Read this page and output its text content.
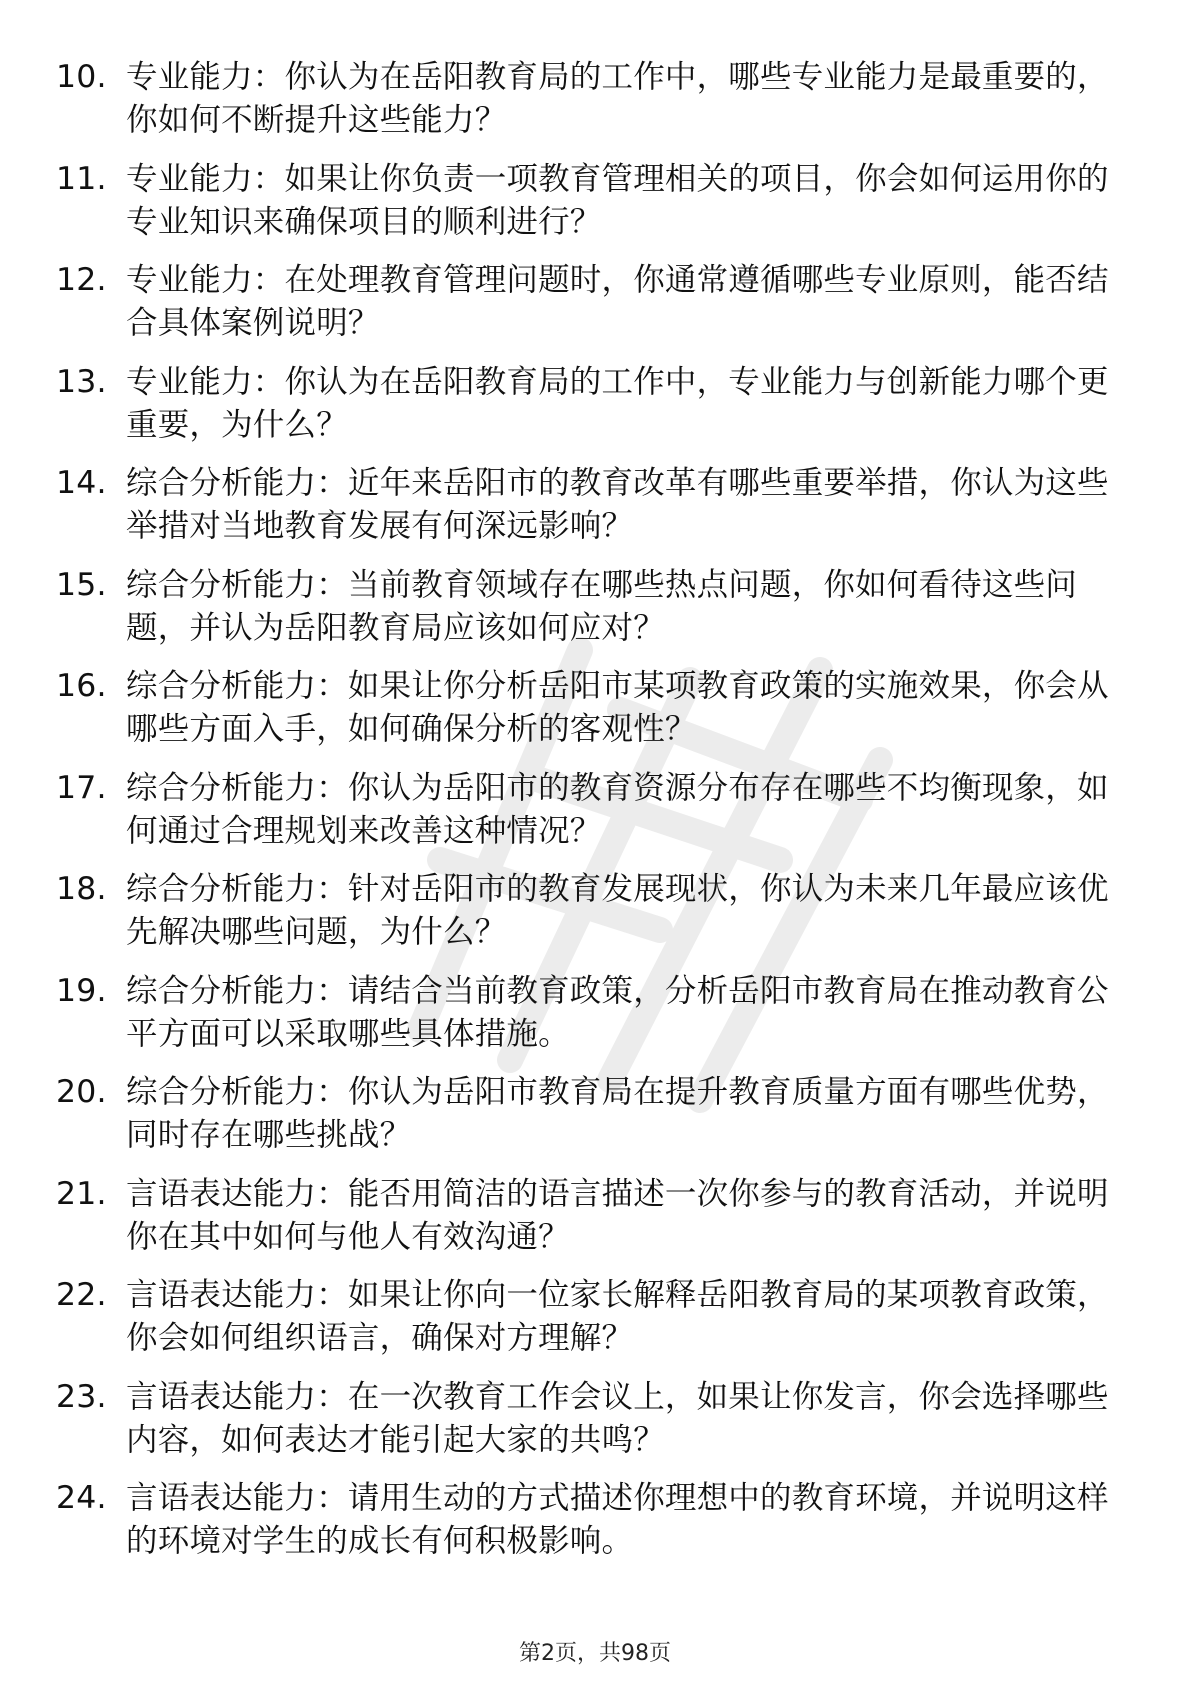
10. 专业能力：你认为在岳阳教育局的工作中，哪些专业能力是最重要的，你如何不断提升这些能力？
11. 专业能力：如果让你负责一项教育管理相关的项目，你会如何运用你的专业知识来确保项目的顺利进行？
12. 专业能力：在处理教育管理问题时，你通常遵循哪些专业原则，能否结合具体案例说明？
13. 专业能力：你认为在岳阳教育局的工作中，专业能力与创新能力哪个更重要，为什么？
14. 综合分析能力：近年来岳阳市的教育改革有哪些重要举措，你认为这些举措对当地教育发展有何深远影响？
15. 综合分析能力：当前教育领域存在哪些热点问题，你如何看待这些问题，并认为岳阳教育局应该如何应对？
16. 综合分析能力：如果让你分析岳阳市某项教育政策的实施效果，你会从哪些方面入手，如何确保分析的客观性？
17. 综合分析能力：你认为岳阳市的教育资源分布存在哪些不均衡现象，如何通过合理规划来改善这种情况？
18. 综合分析能力：针对岳阳市的教育发展现状，你认为未来几年最应该优先解决哪些问题，为什么？
19. 综合分析能力：请结合当前教育政策，分析岳阳市教育局在推动教育公平方面可以采取哪些具体措施。
20. 综合分析能力：你认为岳阳市教育局在提升教育质量方面有哪些优势，同时存在哪些挑战？
21. 言语表达能力：能否用简洁的语言描述一次你参与的教育活动，并说明你在其中如何与他人有效沟通？
22. 言语表达能力：如果让你向一位家长解释岳阳教育局的某项教育政策，你会如何组织语言，确保对方理解？
23. 言语表达能力：在一次教育工作会议上，如果让你发言，你会选择哪些内容，如何表达才能引起大家的共鸣？
24. 言语表达能力：请用生动的方式描述你理想中的教育环境，并说明这样的环境对学生的成长有何积极影响。
第2页，共98页
